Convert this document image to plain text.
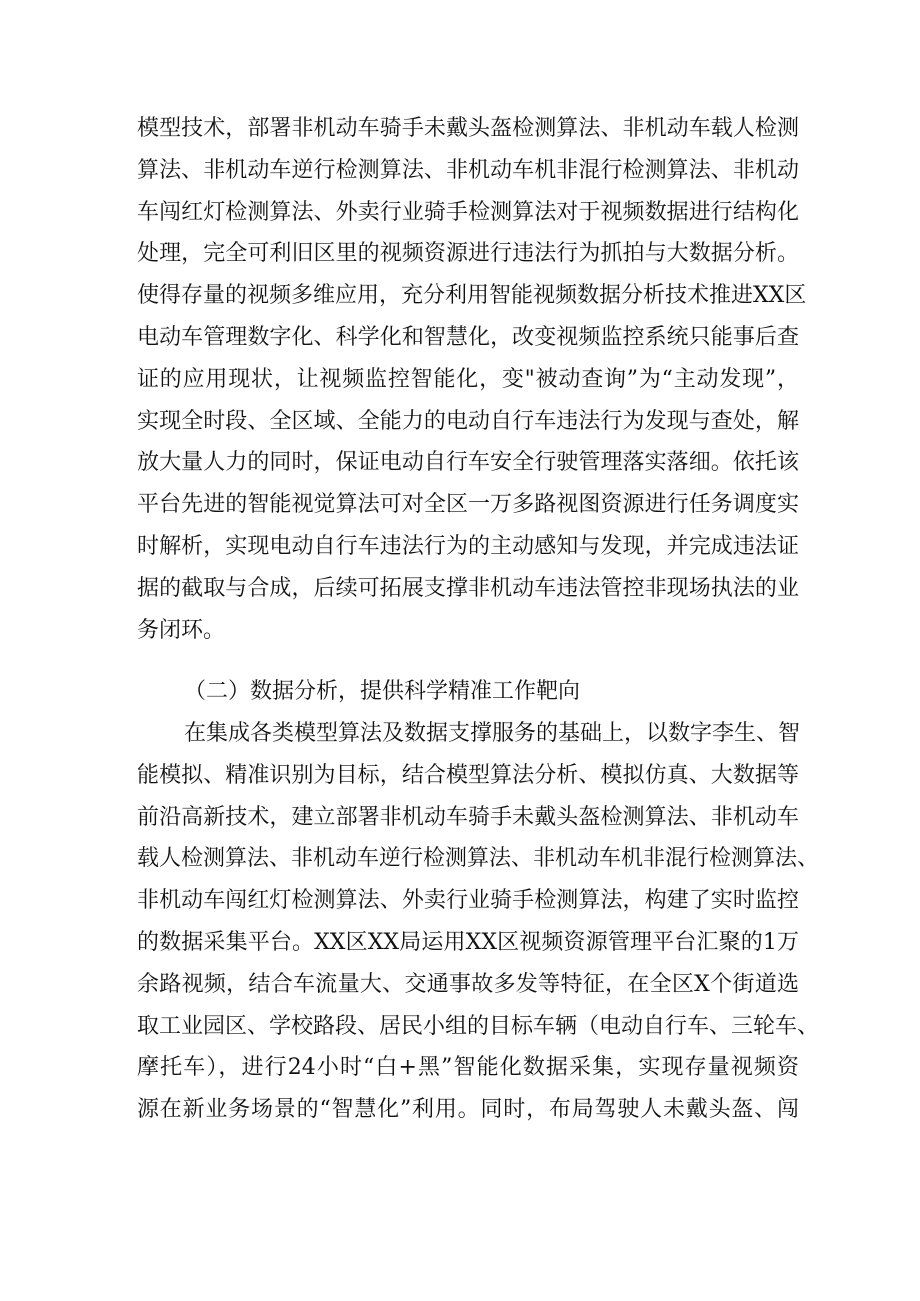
模型技术，部署非机动车骑手未戴头盔检测算法、非机动车载人检测
算法、非机动车逆行检测算法、非机动车机非混行检测算法、非机动
车闯红灯检测算法、外卖行业骑手检测算法对于视频数据进行结构化
处理，完全可利旧区里的视频资源进行违法行为抓拍与大数据分析。
使得存量的视频多维应用，充分利用智能视频数据分析技术推进XX区
电动车管理数字化、科学化和智慧化，改变视频监控系统只能事后查
证的应用现状，让视频监控智能化，变"被动查询”为“主动发现”，
实现全时段、全区域、全能力的电动自行车违法行为发现与查处，解
放大量人力的同时，保证电动自行车安全行驶管理落实落细。依托该
平台先进的智能视觉算法可对全区一万多路视图资源进行任务调度实
时解析，实现电动自行车违法行为的主动感知与发现，并完成违法证
据的截取与合成，后续可拓展支撑非机动车违法管控非现场执法的业
务闭环。
（二）数据分析，提供科学精准工作靶向
在集成各类模型算法及数据支撑服务的基础上，以数字李生、智
能模拟、精准识别为目标，结合模型算法分析、模拟仿真、大数据等
前沿高新技术，建立部署非机动车骑手未戴头盔检测算法、非机动车
载人检测算法、非机动车逆行检测算法、非机动车机非混行检测算法、
非机动车闯红灯检测算法、外卖行业骑手检测算法，构建了实时监控
的数据采集平台。XX区XX局运用XX区视频资源管理平台汇聚的1万
余路视频，结合车流量大、交通事故多发等特征，在全区X个街道选
取工业园区、学校路段、居民小组的目标车辆（电动自行车、三轮车、
摩托车），进行24小时“白+黑”智能化数据采集，实现存量视频资
源在新业务场景的“智慧化”利用。同时，布局驾驶人未戴头盔、闯
